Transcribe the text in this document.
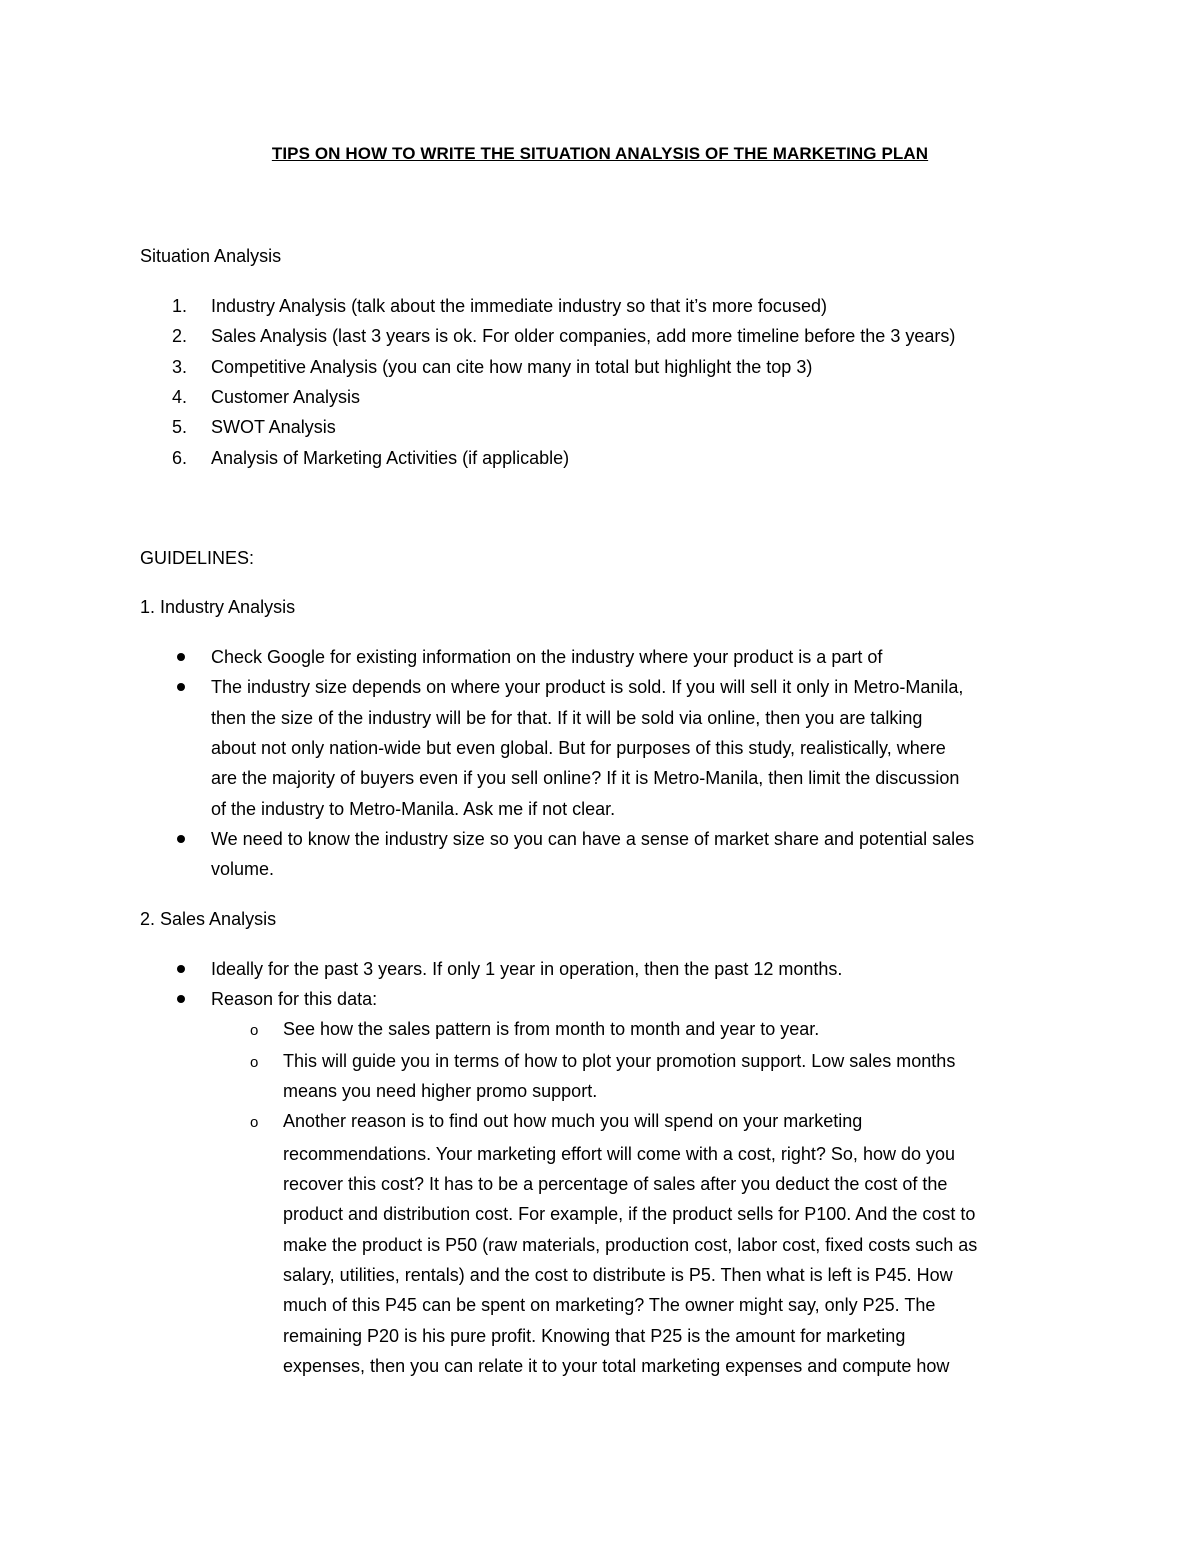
TIPS ON HOW TO WRITE THE SITUATION ANALYSIS OF THE MARKETING PLAN
Situation Analysis
1. Industry Analysis (talk about the immediate industry so that it’s more focused)
2. Sales Analysis (last 3 years is ok. For older companies, add more timeline before the 3 years)
3. Competitive Analysis (you can cite how many in total but highlight the top 3)
4. Customer Analysis
5. SWOT Analysis
6. Analysis of Marketing Activities (if applicable)
GUIDELINES:
1. Industry Analysis
Check Google for existing information on the industry where your product is a part of
The industry size depends on where your product is sold. If you will sell it only in Metro-Manila,
then the size of the industry will be for that. If it will be sold via online, then you are talking
about not only nation-wide but even global. But for purposes of this study, realistically, where
are the majority of buyers even if you sell online? If it is Metro-Manila, then limit the discussion
of the industry to Metro-Manila. Ask me if not clear.
We need to know the industry size so you can have a sense of market share and potential sales
volume.
2. Sales Analysis
Ideally for the past 3 years. If only 1 year in operation, then the past 12 months.
Reason for this data:
o See how the sales pattern is from month to month and year to year.
o This will guide you in terms of how to plot your promotion support. Low sales months
means you need higher promo support.
o Another reason is to find out how much you will spend on your marketing
recommendations. Your marketing effort will come with a cost, right? So, how do you
recover this cost? It has to be a percentage of sales after you deduct the cost of the
product and distribution cost. For example, if the product sells for P100. And the cost to
make the product is P50 (raw materials, production cost, labor cost, fixed costs such as
salary, utilities, rentals) and the cost to distribute is P5. Then what is left is P45. How
much of this P45 can be spent on marketing? The owner might say, only P25. The
remaining P20 is his pure profit. Knowing that P25 is the amount for marketing
expenses, then you can relate it to your total marketing expenses and compute how
